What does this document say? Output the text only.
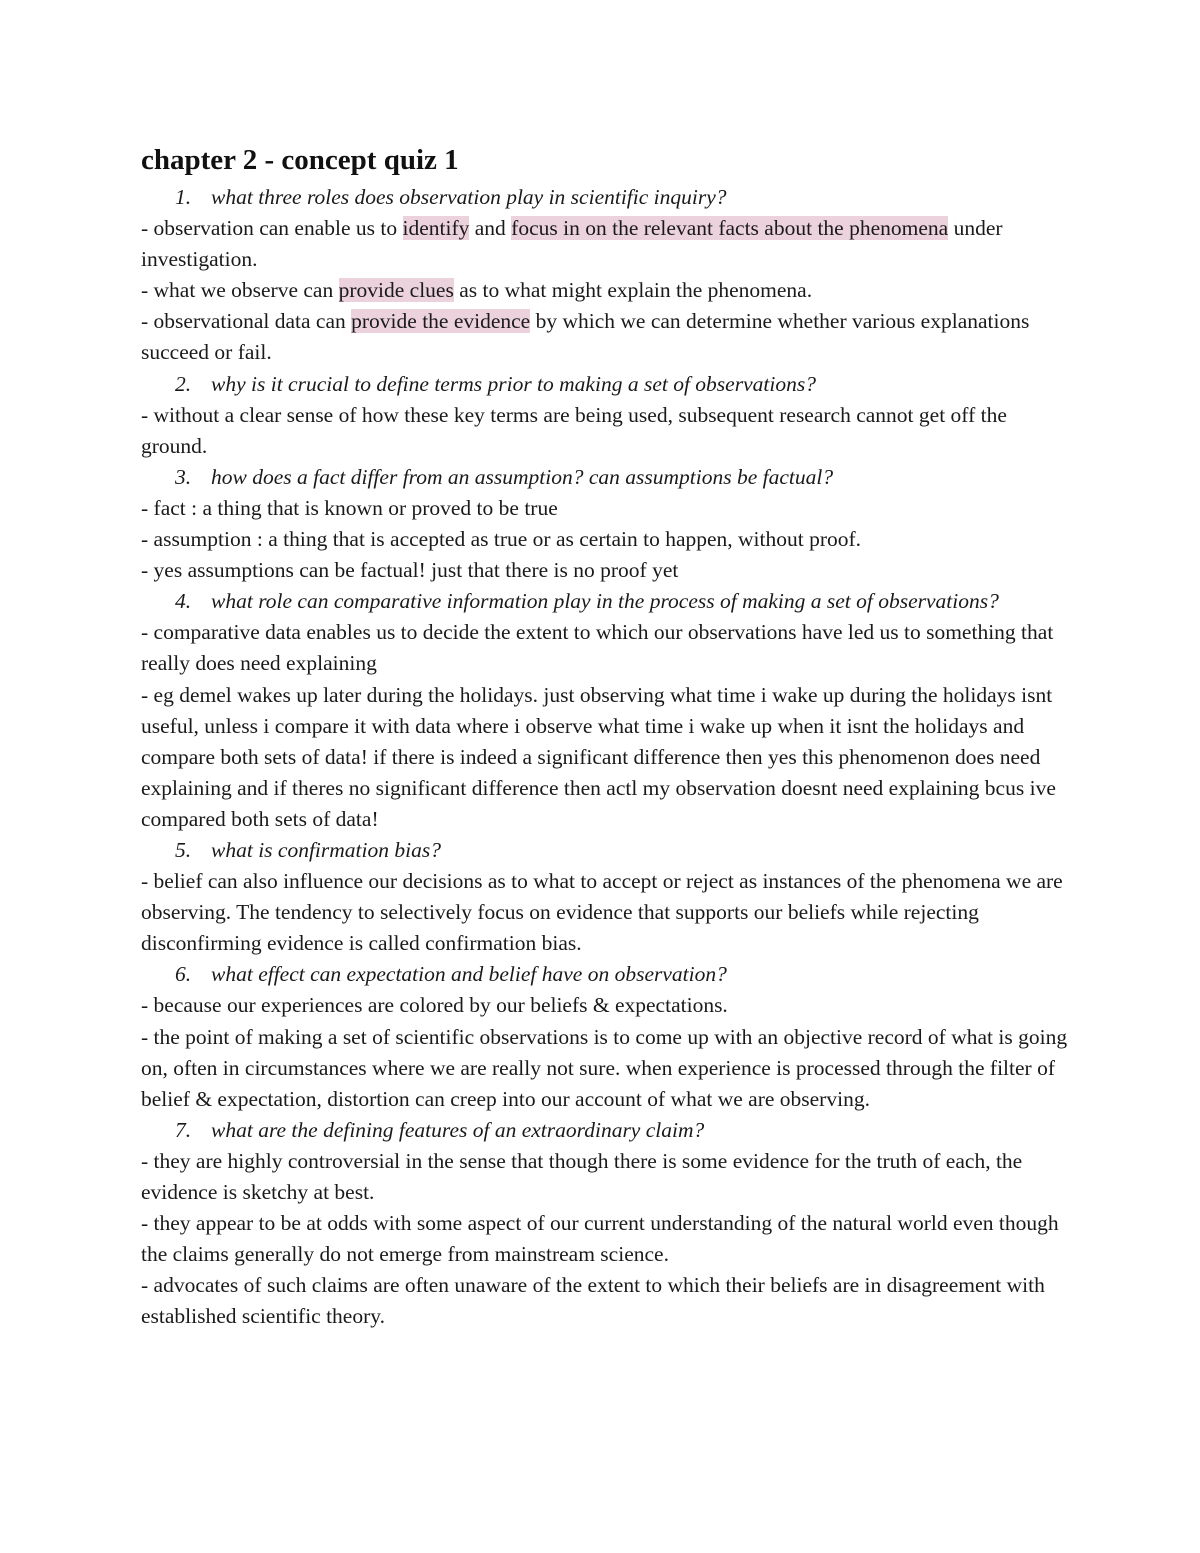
chapter 2 - concept quiz 1
1. what three roles does observation play in scientific inquiry?

- observation can enable us to identify and focus in on the relevant facts about the phenomena under investigation.

- what we observe can provide clues as to what might explain the phenomena.

- observational data can provide the evidence by which we can determine whether various explanations succeed or fail.

2. why is it crucial to define terms prior to making a set of observations?

- without a clear sense of how these key terms are being used, subsequent research cannot get off the ground.

3. how does a fact differ from an assumption? can assumptions be factual?

- fact : a thing that is known or proved to be true

- assumption : a thing that is accepted as true or as certain to happen, without proof.

- yes assumptions can be factual! just that there is no proof yet

4. what role can comparative information play in the process of making a set of observations?

- comparative data enables us to decide the extent to which our observations have led us to something that really does need explaining

- eg demel wakes up later during the holidays. just observing what time i wake up during the holidays isnt useful, unless i compare it with data where i observe what time i wake up when it isnt the holidays and compare both sets of data! if there is indeed a significant difference then yes this phenomenon does need explaining and if theres no significant difference then actl my observation doesnt need explaining bcus ive compared both sets of data!

5. what is confirmation bias?

- belief can also influence our decisions as to what to accept or reject as instances of the phenomena we are observing. The tendency to selectively focus on evidence that supports our beliefs while rejecting disconfirming evidence is called confirmation bias.

6. what effect can expectation and belief have on observation?

- because our experiences are colored by our beliefs & expectations.

- the point of making a set of scientific observations is to come up with an objective record of what is going on, often in circumstances where we are really not sure. when experience is processed through the filter of belief & expectation, distortion can creep into our account of what we are observing.

7. what are the defining features of an extraordinary claim?

- they are highly controversial in the sense that though there is some evidence for the truth of each, the evidence is sketchy at best.

- they appear to be at odds with some aspect of our current understanding of the natural world even though the claims generally do not emerge from mainstream science.

- advocates of such claims are often unaware of the extent to which their beliefs are in disagreement with established scientific theory.
